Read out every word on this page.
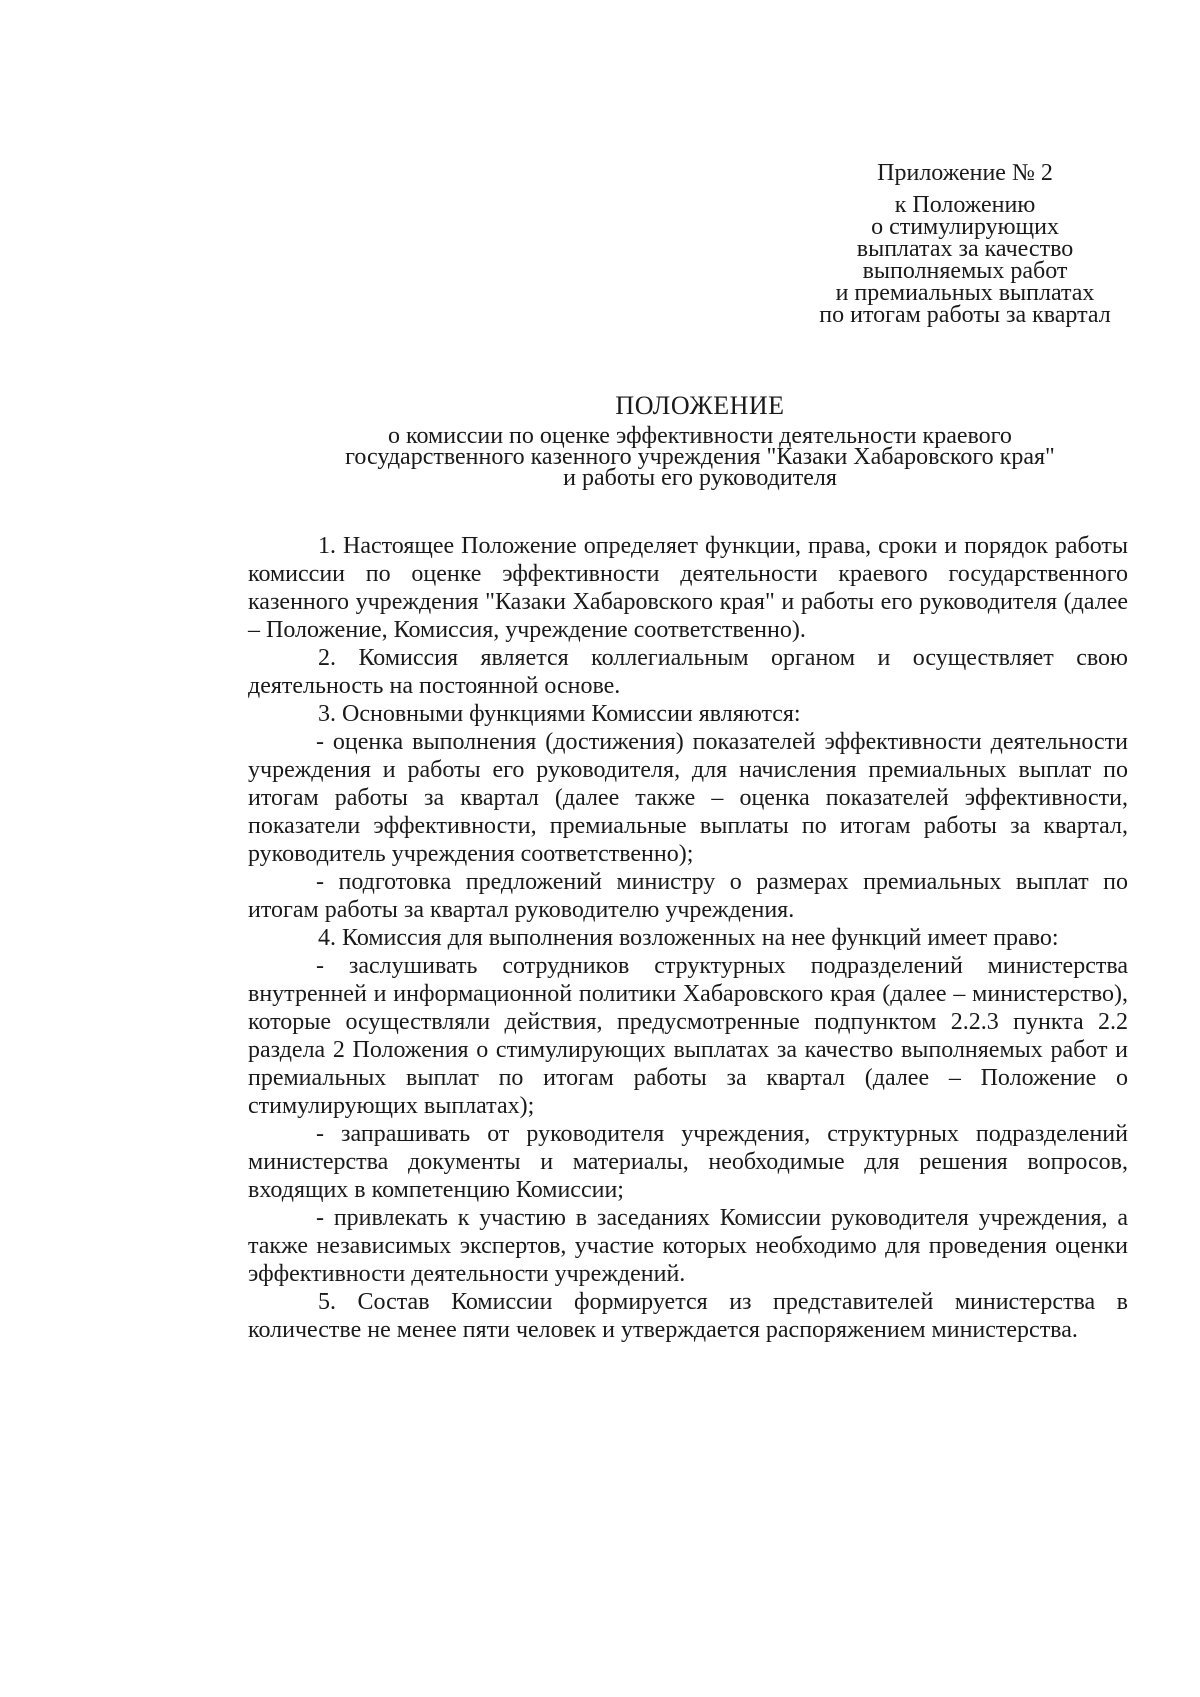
Приложение № 2
к Положению
о стимулирующих
выплатах за качество
выполняемых работ
и премиальных выплатах
по итогам работы за квартал
ПОЛОЖЕНИЕ
о комиссии по оценке эффективности деятельности краевого
государственного казенного учреждения "Казаки Хабаровского края"
и работы его руководителя

1. Настоящее Положение определяет функции, права, сроки и порядок работы комиссии по оценке эффективности деятельности краевого государственного казенного учреждения "Казаки Хабаровского края" и работы его руководителя (далее – Положение, Комиссия, учреждение соответственно).

2. Комиссия является коллегиальным органом и осуществляет свою деятельность на постоянной основе.

3. Основными функциями Комиссии являются:

- оценка выполнения (достижения) показателей эффективности деятельности учреждения и работы его руководителя, для начисления премиальных выплат по итогам работы за квартал (далее также – оценка показателей эффективности, показатели эффективности, премиальные выплаты по итогам работы за квартал, руководитель учреждения соответственно);

- подготовка предложений министру о размерах премиальных выплат по итогам работы за квартал руководителю учреждения.

4. Комиссия для выполнения возложенных на нее функций имеет право:

- заслушивать сотрудников структурных подразделений министерства внутренней и информационной политики Хабаровского края (далее – министерство), которые осуществляли действия, предусмотренные подпунктом 2.2.3 пункта 2.2 раздела 2 Положения о стимулирующих выплатах за качество выполняемых работ и премиальных выплат по итогам работы за квартал (далее – Положение о стимулирующих выплатах);

- запрашивать от руководителя учреждения, структурных подразделений министерства документы и материалы, необходимые для решения вопросов, входящих в компетенцию Комиссии;

- привлекать к участию в заседаниях Комиссии руководителя учреждения, а также независимых экспертов, участие которых необходимо для проведения оценки эффективности деятельности учреждений.

5. Состав Комиссии формируется из представителей министерства в количестве не менее пяти человек и утверждается распоряжением министерства.
